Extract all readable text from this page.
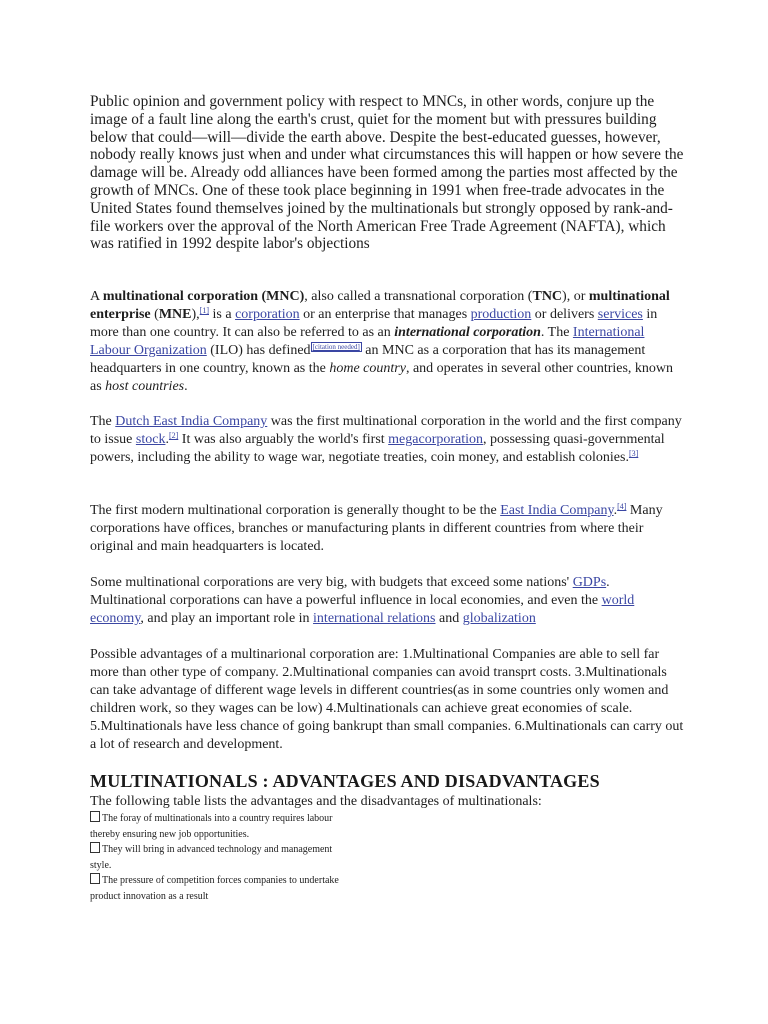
Public opinion and government policy with respect to MNCs, in other words, conjure up the image of a fault line along the earth's crust, quiet for the moment but with pressures building below that could—will—divide the earth above. Despite the best-educated guesses, however, nobody really knows just when and under what circumstances this will happen or how severe the damage will be. Already odd alliances have been formed among the parties most affected by the growth of MNCs. One of these took place beginning in 1991 when free-trade advocates in the United States found themselves joined by the multinationals but strongly opposed by rank-and-file workers over the approval of the North American Free Trade Agreement (NAFTA), which was ratified in 1992 despite labor's objections

A multinational corporation (MNC), also called a transnational corporation (TNC), or multinational enterprise (MNE),[1] is a corporation or an enterprise that manages production or delivers services in more than one country. It can also be referred to as an international corporation. The International Labour Organization (ILO) has defined [citation needed] an MNC as a corporation that has its management headquarters in one country, known as the home country, and operates in several other countries, known as host countries.

The Dutch East India Company was the first multinational corporation in the world and the first company to issue stock.[2] It was also arguably the world's first megacorporation, possessing quasi-governmental powers, including the ability to wage war, negotiate treaties, coin money, and establish colonies.[3]

The first modern multinational corporation is generally thought to be the East India Company.[4] Many corporations have offices, branches or manufacturing plants in different countries from where their original and main headquarters is located.

Some multinational corporations are very big, with budgets that exceed some nations' GDPs. Multinational corporations can have a powerful influence in local economies, and even the world economy, and play an important role in international relations and globalization

Possible advantages of a multinarional corporation are: 1.Multinational Companies are able to sell far more than other type of company. 2.Multinational companies can avoid transprt costs. 3.Multinationals can take advantage of different wage levels in different countries(as in some countries only women and children work, so they wages can be low) 4.Multinationals can achieve great economies of scale. 5.Multinationals have less chance of going bankrupt than small companies. 6.Multinationals can carry out a lot of research and development.

MULTINATIONALS : ADVANTAGES AND DISADVANTAGES

The following table lists the advantages and the disadvantages of multinationals:

The foray of multinationals into a country requires labour thereby ensuring new job opportunities.
They will bring in advanced technology and management style.
The pressure of competition forces companies to undertake product innovation as a result
